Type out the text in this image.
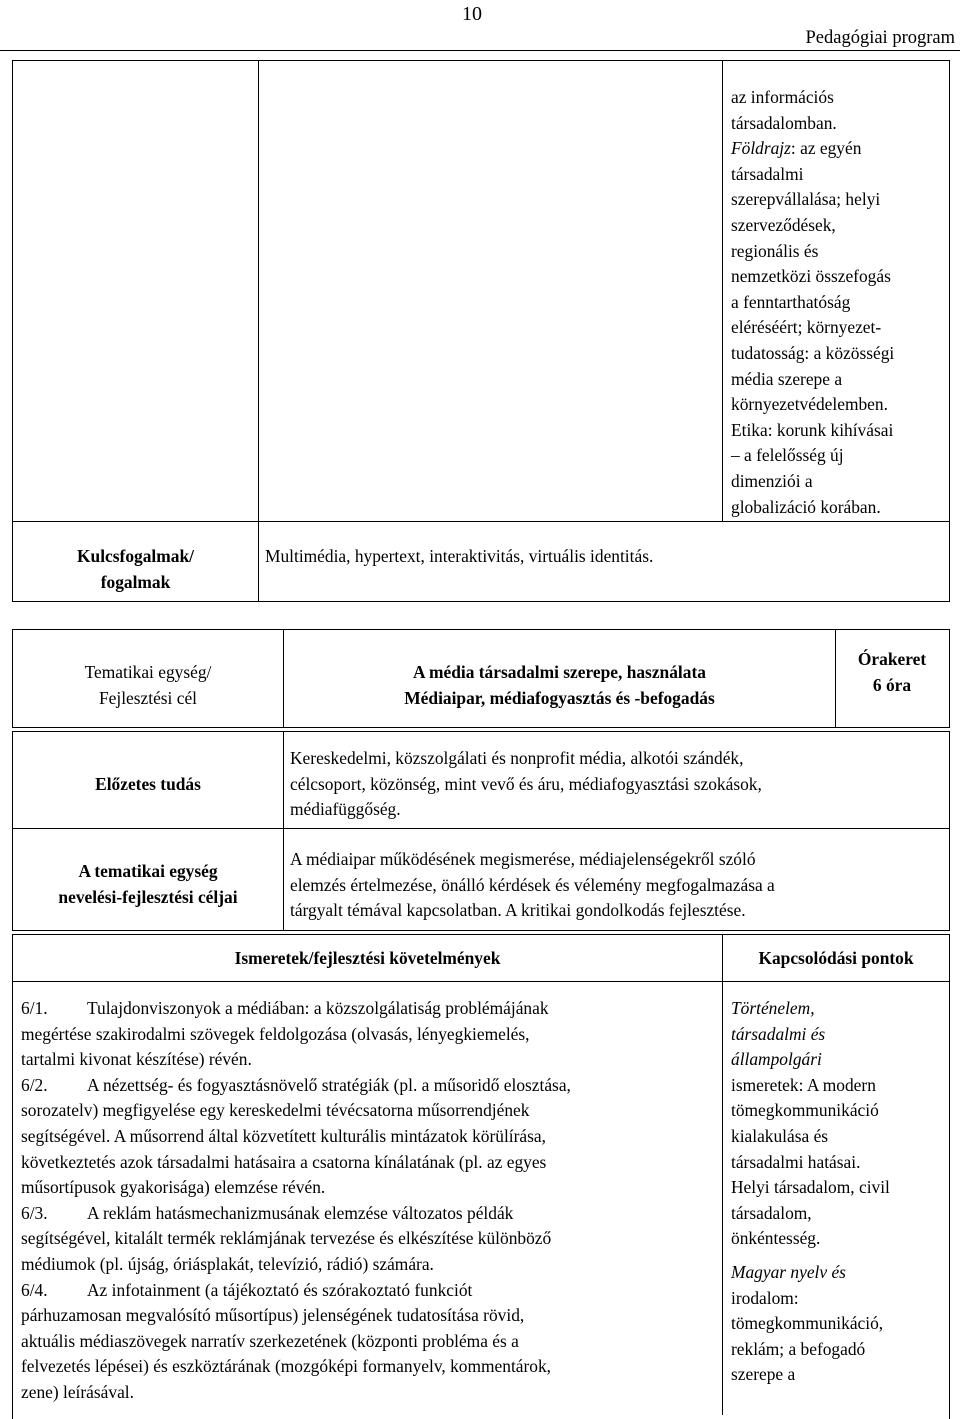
10
Pedagógiai program

az információs

társadalomban.

Földrajz: az egyén

társadalmi

szerepvállalása; helyi

szerveződések,

regionális és

nemzetközi összefogás

a fenntarthatóság

eléréséért; környezet-

tudatosság: a közösségi

média szerepe a

környezetvédelemben.

Etika: korunk kihívásai

– a felelősség új

dimenziói a

globalizáció korában.

Kulcsfogalmak/

fogalmak

Multimédia, hypertext, interaktivitás, virtuális identitás.

Tematikai egység/

Fejlesztési cél

A média társadalmi szerepe, használata

Médiaipar, médiafogyasztás és -befogadás

Órakeret

6 óra

Előzetes tudás

Kereskedelmi, közszolgálati és nonprofit média, alkotói szándék,

célcsoport, közönség, mint vevő és áru, médiafogyasztási szokások,

médiafüggőség.

A tematikai egység

nevelési-fejlesztési céljai

A médiaipar működésének megismerése, médiajelenségekről szóló

elemzés értelmezése, önálló kérdések és vélemény megfogalmazása a

tárgyalt témával kapcsolatban. A kritikai gondolkodás fejlesztése.

Ismeretek/fejlesztési követelmények	Kapcsolódási pontok

6/1. Tulajdonviszonyok a médiában: a közszolgálatiság problémájának

megértése szakirodalmi szövegek feldolgozása (olvasás, lényegkiemelés,

tartalmi kivonat készítése) révén.

6/2. A nézettség- és fogyasztásnövelő stratégiák (pl. a műsoridő elosztása,

sorozatelv) megfigyelése egy kereskedelmi tévécsatorna műsorrendjének

segítségével. A műsorrend által közvetített kulturális mintázatok körülírása,

következtetés azok társadalmi hatásaira a csatorna kínálatának (pl. az egyes

műsortípusok gyakorisága) elemzése révén.

6/3. A reklám hatásmechanizmusának elemzése változatos példák

segítségével, kitalált termék reklámjának tervezése és elkészítése különböző

médiumok (pl. újság, óriásplakát, televízió, rádió) számára.

6/4. Az infotainment (a tájékoztató és szórakoztató funkciót

párhuzamosan megvalósító műsortípus) jelenségének tudatosítása rövid,

aktuális médiaszövegek narratív szerkezetének (központi probléma és a

felvezetés lépései) és eszköztárának (mozgóképi formanyelv, kommentárok,

zene) leírásával.

Történelem,

társadalmi és

állampolgári

ismeretek: A modern

tömegkommunikáció

kialakulása és

társadalmi hatásai.

Helyi társadalom, civil

társadalom,

önkéntesség.

Magyar nyelv és

irodalom:

tömegkommunikáció,

reklám; a befogadó

szerepe a
